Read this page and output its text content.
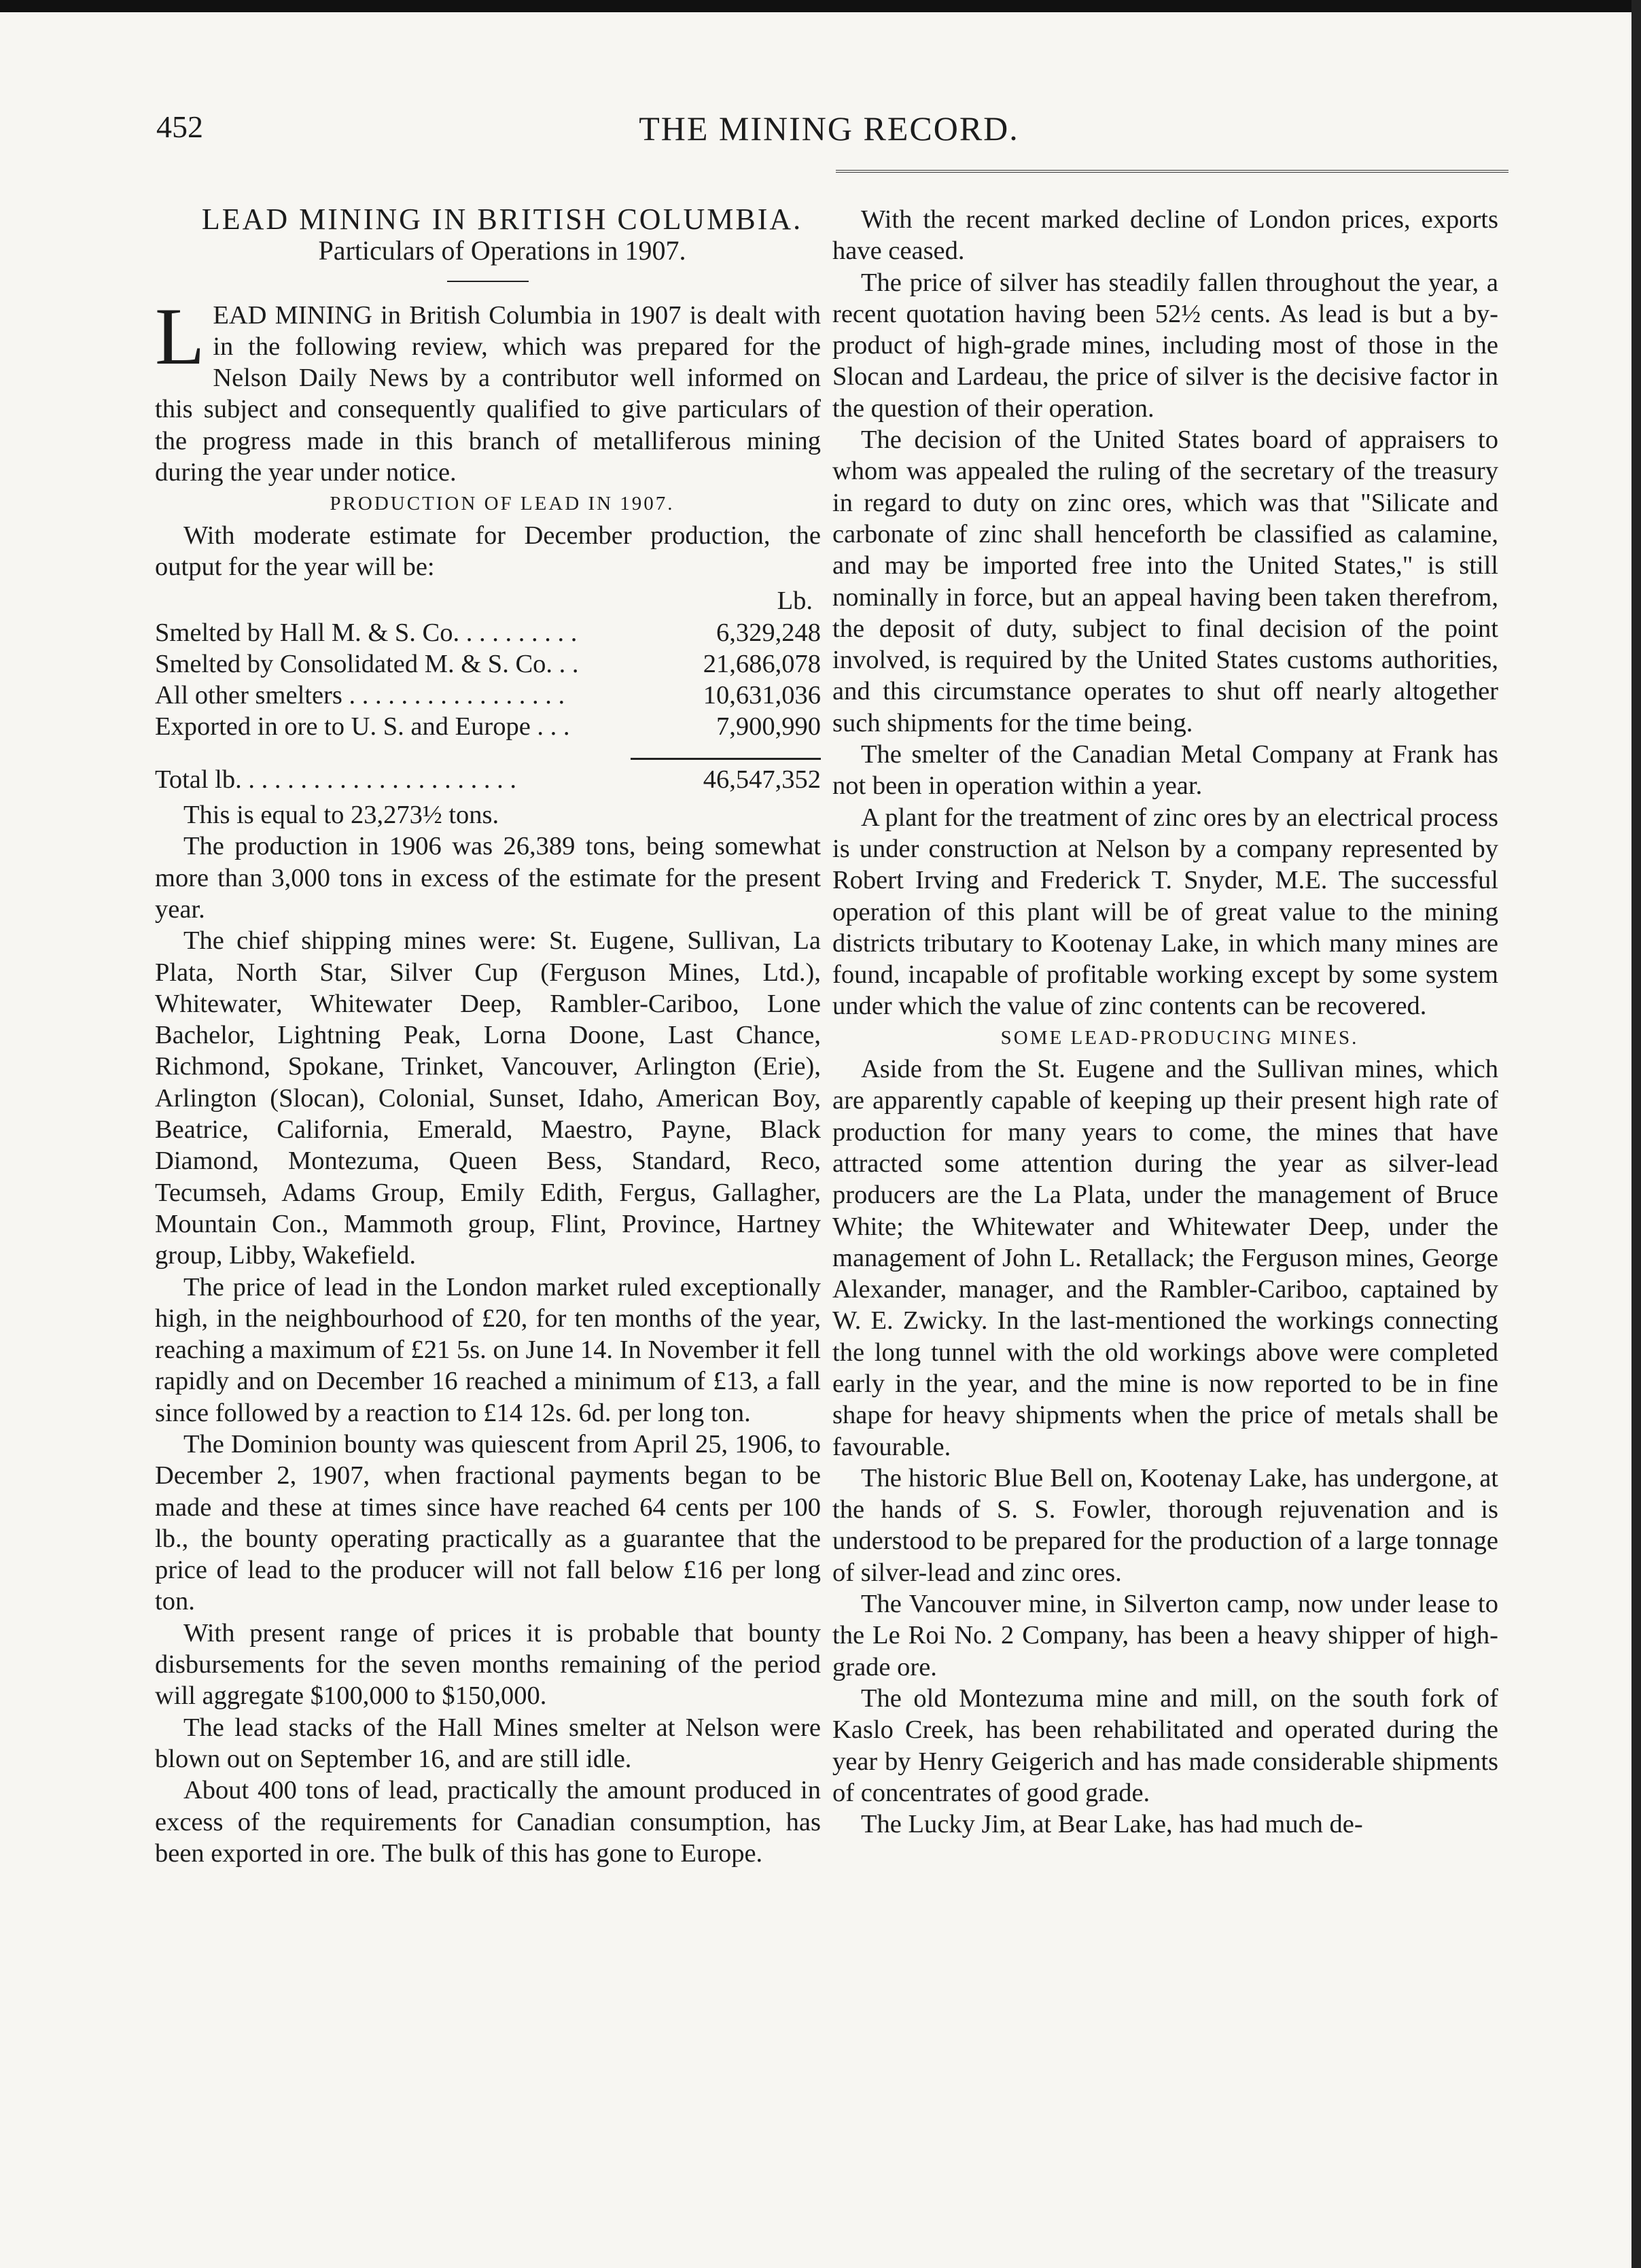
452	THE MINING RECORD.

LEAD MINING IN BRITISH COLUMBIA.

Particulars of Operations in 1907.

LEAD MINING in British Columbia in 1907 is dealt with in the following review, which was prepared for the Nelson Daily News by a contributor well informed on this subject and consequently qualified to give particulars of the progress made in this branch of metalliferous mining during the year under notice.

PRODUCTION OF LEAD IN 1907.

With moderate estimate for December production, the output for the year will be:

Lb.
Smelted by Hall M. & S. Co. . . . . . . . . .	6,329,248
Smelted by Consolidated M. & S. Co. . .	21,686,078
All other smelters . . . . . . . . . . . . . . . . .	10,631,036
Exported in ore to U. S. and Europe . . .	7,900,990
Total lb. . . . . . . . . . . . . . . . . . . . . .	46,547,352

This is equal to 23,273½ tons.

The production in 1906 was 26,389 tons, being somewhat more than 3,000 tons in excess of the estimate for the present year.

The chief shipping mines were: St. Eugene, Sullivan, La Plata, North Star, Silver Cup (Ferguson Mines, Ltd.), Whitewater, Whitewater Deep, Rambler-Cariboo, Lone Bachelor, Lightning Peak, Lorna Doone, Last Chance, Richmond, Spokane, Trinket, Vancouver, Arlington (Erie), Arlington (Slocan), Colonial, Sunset, Idaho, American Boy, Beatrice, California, Emerald, Maestro, Payne, Black Diamond, Montezuma, Queen Bess, Standard, Reco, Tecumseh, Adams Group, Emily Edith, Fergus, Gallagher, Mountain Con., Mammoth group, Flint, Province, Hartney group, Libby, Wakefield.

The price of lead in the London market ruled exceptionally high, in the neighbourhood of £20, for ten months of the year, reaching a maximum of £21 5s. on June 14. In November it fell rapidly and on December 16 reached a minimum of £13, a fall since followed by a reaction to £14 12s. 6d. per long ton.

The Dominion bounty was quiescent from April 25, 1906, to December 2, 1907, when fractional payments began to be made and these at times since have reached 64 cents per 100 lb., the bounty operating practically as a guarantee that the price of lead to the producer will not fall below £16 per long ton.

With present range of prices it is probable that bounty disbursements for the seven months remaining of the period will aggregate $100,000 to $150,000.

The lead stacks of the Hall Mines smelter at Nelson were blown out on September 16, and are still idle.

About 400 tons of lead, practically the amount produced in excess of the requirements for Canadian consumption, has been exported in ore. The bulk of this has gone to Europe.

With the recent marked decline of London prices, exports have ceased.

The price of silver has steadily fallen throughout the year, a recent quotation having been 52½ cents. As lead is but a by-product of high-grade mines, including most of those in the Slocan and Lardeau, the price of silver is the decisive factor in the question of their operation.

The decision of the United States board of appraisers to whom was appealed the ruling of the secretary of the treasury in regard to duty on zinc ores, which was that "Silicate and carbonate of zinc shall henceforth be classified as calamine, and may be imported free into the United States," is still nominally in force, but an appeal having been taken therefrom, the deposit of duty, subject to final decision of the point involved, is required by the United States customs authorities, and this circumstance operates to shut off nearly altogether such shipments for the time being.

The smelter of the Canadian Metal Company at Frank has not been in operation within a year.

A plant for the treatment of zinc ores by an electrical process is under construction at Nelson by a company represented by Robert Irving and Frederick T. Snyder, M.E. The successful operation of this plant will be of great value to the mining districts tributary to Kootenay Lake, in which many mines are found, incapable of profitable working except by some system under which the value of zinc contents can be recovered.

SOME LEAD-PRODUCING MINES.

Aside from the St. Eugene and the Sullivan mines, which are apparently capable of keeping up their present high rate of production for many years to come, the mines that have attracted some attention during the year as silver-lead producers are the La Plata, under the management of Bruce White; the Whitewater and Whitewater Deep, under the management of John L. Retallack; the Ferguson mines, George Alexander, manager, and the Rambler-Cariboo, captained by W. E. Zwicky. In the last-mentioned the workings connecting the long tunnel with the old workings above were completed early in the year, and the mine is now reported to be in fine shape for heavy shipments when the price of metals shall be favourable.

The historic Blue Bell on, Kootenay Lake, has undergone, at the hands of S. S. Fowler, thorough rejuvenation and is understood to be prepared for the production of a large tonnage of silver-lead and zinc ores.

The Vancouver mine, in Silverton camp, now under lease to the Le Roi No. 2 Company, has been a heavy shipper of high-grade ore.

The old Montezuma mine and mill, on the south fork of Kaslo Creek, has been rehabilitated and operated during the year by Henry Geigerich and has made considerable shipments of concentrates of good grade.

The Lucky Jim, at Bear Lake, has had much de-
